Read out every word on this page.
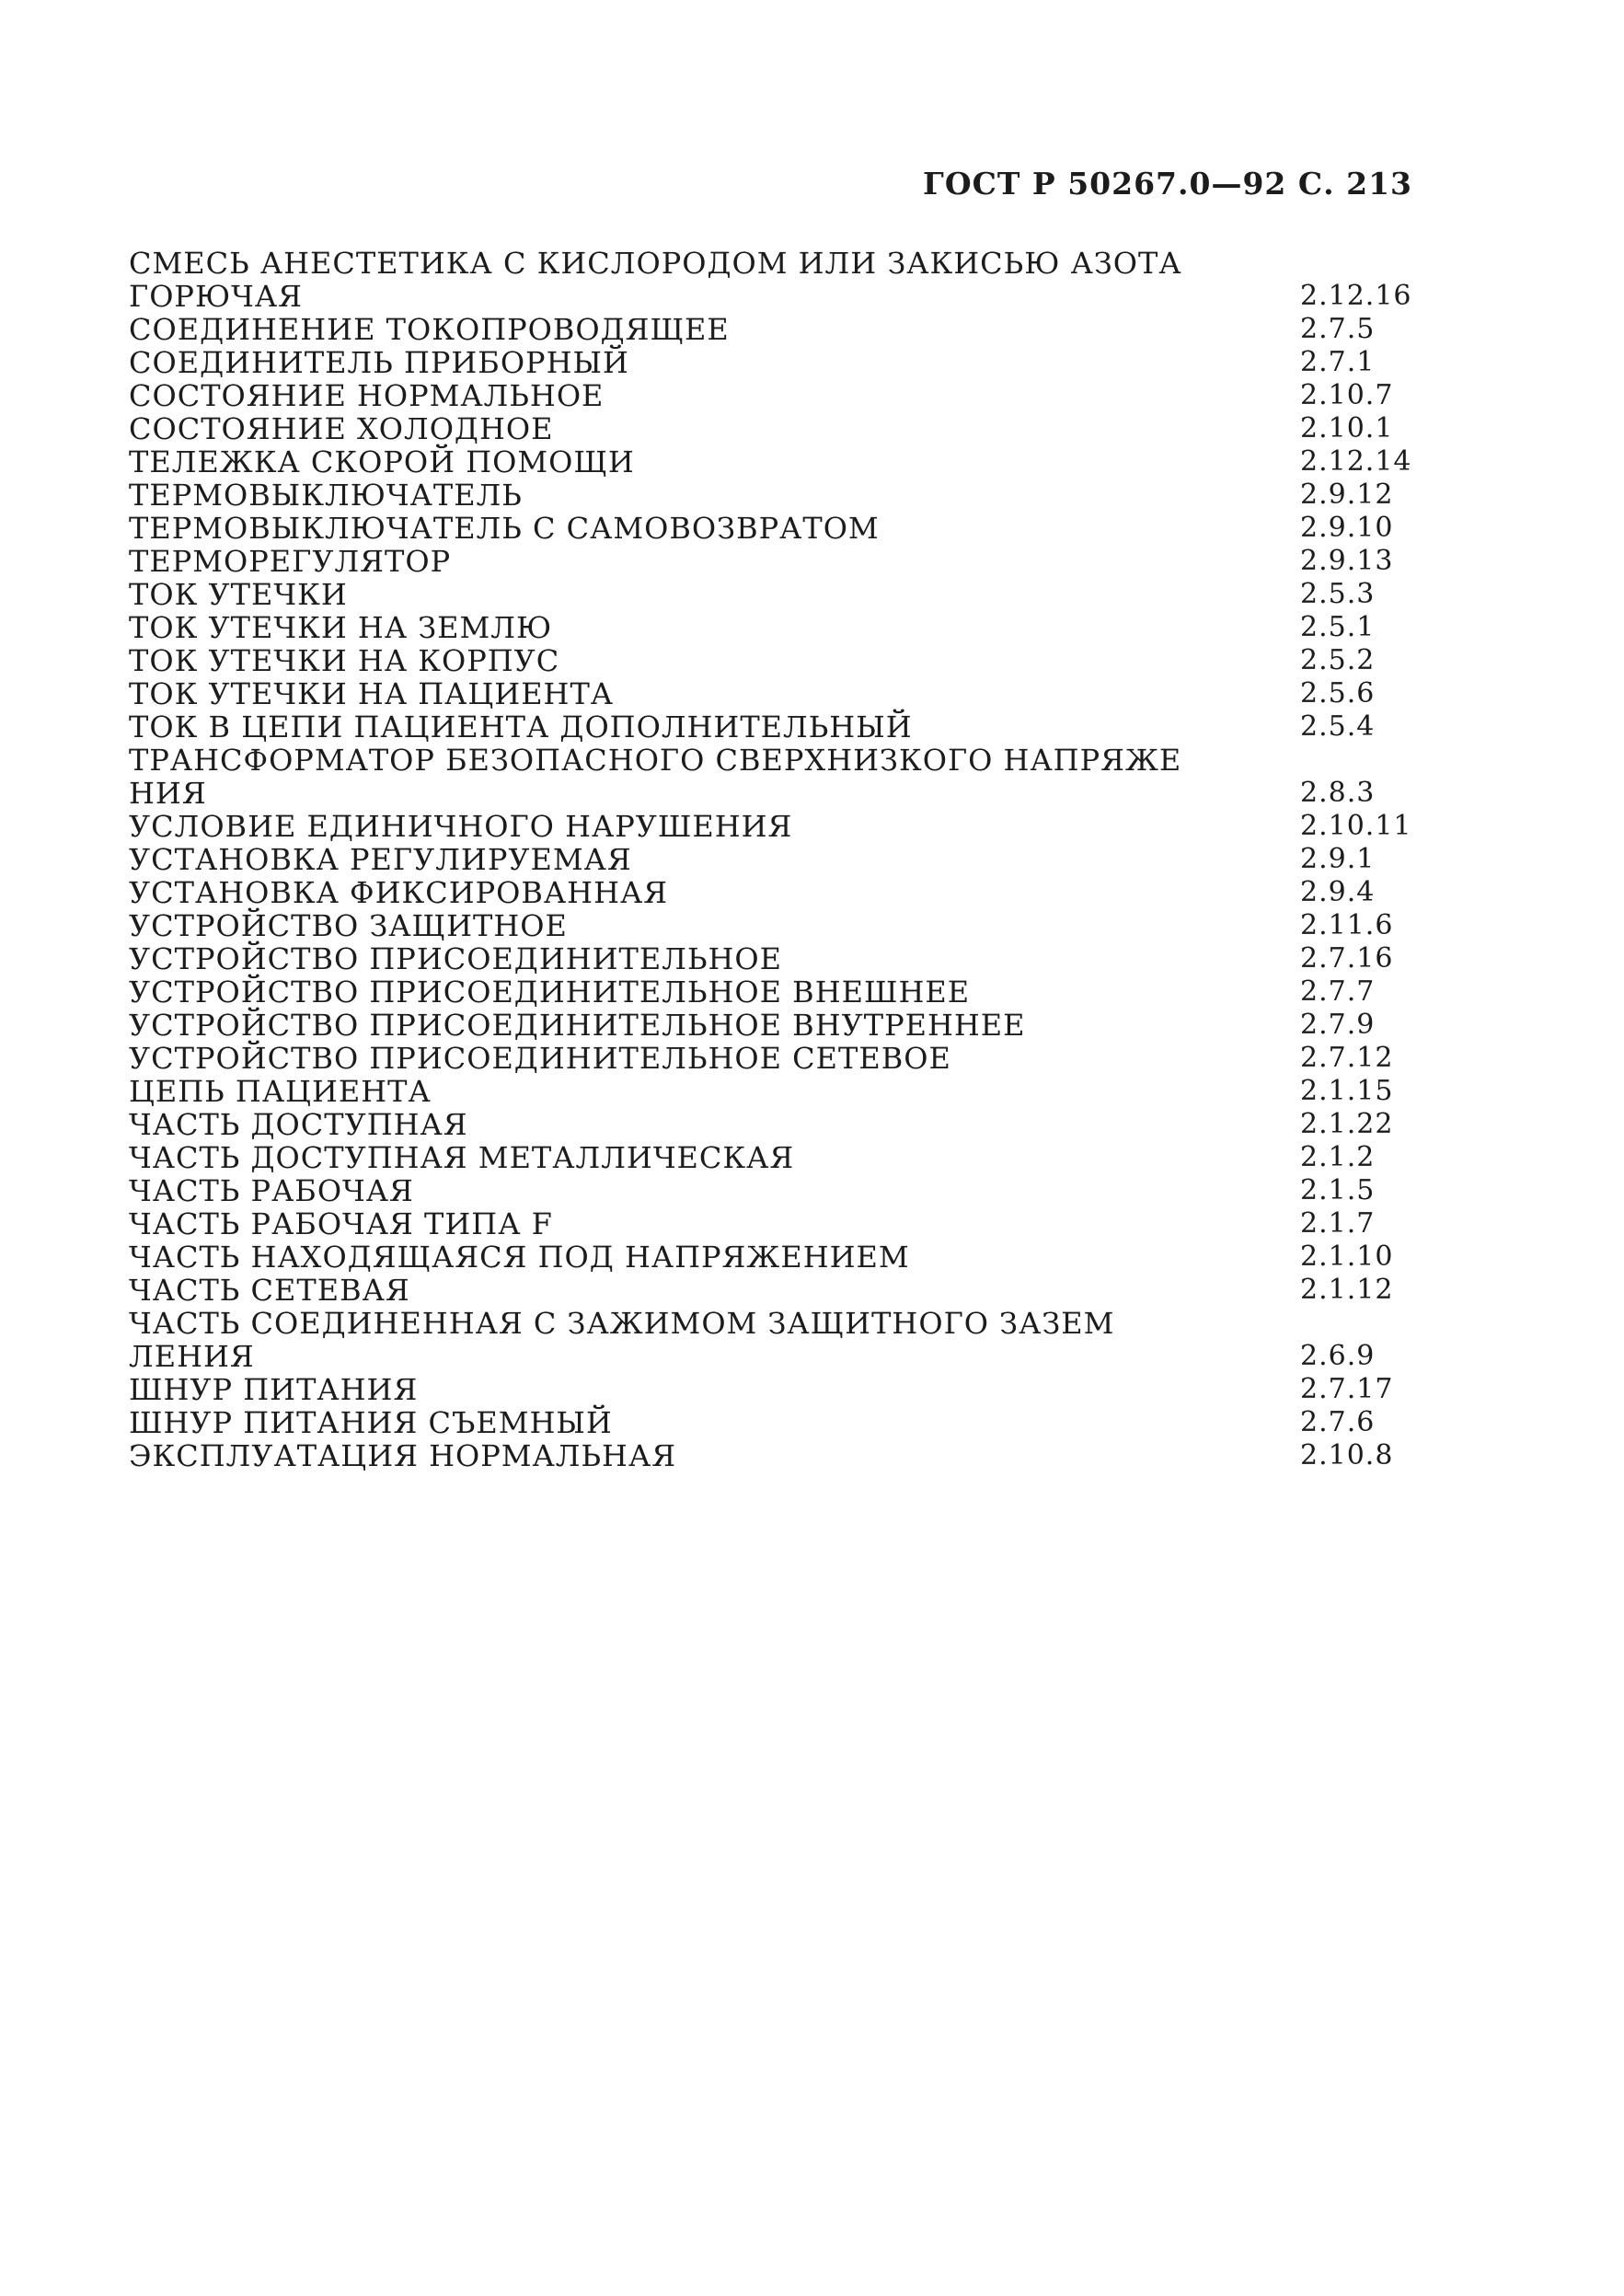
ГОСТ Р 50267.0—92 С. 213
СМЕСЬ АНЕСТЕТИКА С КИСЛОРОДОМ ИЛИ ЗАКИСЬЮ АЗОТА
ГОРЮЧАЯ	2.12.16
СОЕДИНЕНИЕ ТОКОПРОВОДЯЩЕЕ	2.7.5
СОЕДИНИТЕЛЬ ПРИБОРНЫЙ	2.7.1
СОСТОЯНИЕ НОРМАЛЬНОЕ	2.10.7
СОСТОЯНИЕ ХОЛОДНОЕ	2.10.1
ТЕЛЕЖКА СКОРОЙ ПОМОЩИ	2.12.14
ТЕРМОВЫКЛЮЧАТЕЛЬ	2.9.12
ТЕРМОВЫКЛЮЧАТЕЛЬ С САМОВОЗВРАТОМ	2.9.10
ТЕРМОРЕГУЛЯТОР	2.9.13
ТОК УТЕЧКИ	2.5.3
ТОК УТЕЧКИ НА ЗЕМЛЮ	2.5.1
ТОК УТЕЧКИ НА КОРПУС	2.5.2
ТОК УТЕЧКИ НА ПАЦИЕНТА	2.5.6
ТОК В ЦЕПИ ПАЦИЕНТА ДОПОЛНИТЕЛЬНЫЙ	2.5.4
ТРАНСФОРМАТОР БЕЗОПАСНОГО СВЕРХНИЗКОГО НАПРЯЖЕ
НИЯ	2.8.3
УСЛОВИЕ ЕДИНИЧНОГО НАРУШЕНИЯ	2.10.11
УСТАНОВКА РЕГУЛИРУЕМАЯ	2.9.1
УСТАНОВКА ФИКСИРОВАННАЯ	2.9.4
УСТРОЙСТВО ЗАЩИТНОЕ	2.11.6
УСТРОЙСТВО ПРИСОЕДИНИТЕЛЬНОЕ	2.7.16
УСТРОЙСТВО ПРИСОЕДИНИТЕЛЬНОЕ ВНЕШНЕЕ	2.7.7
УСТРОЙСТВО ПРИСОЕДИНИТЕЛЬНОЕ ВНУТРЕННЕЕ	2.7.9
УСТРОЙСТВО ПРИСОЕДИНИТЕЛЬНОЕ СЕТЕВОЕ	2.7.12
ЦЕПЬ ПАЦИЕНТА	2.1.15
ЧАСТЬ ДОСТУПНАЯ	2.1.22
ЧАСТЬ ДОСТУПНАЯ МЕТАЛЛИЧЕСКАЯ	2.1.2
ЧАСТЬ РАБОЧАЯ	2.1.5
ЧАСТЬ РАБОЧАЯ ТИПА F	2.1.7
ЧАСТЬ НАХОДЯЩАЯСЯ ПОД НАПРЯЖЕНИЕМ	2.1.10
ЧАСТЬ СЕТЕВАЯ	2.1.12
ЧАСТЬ СОЕДИНЕННАЯ С ЗАЖИМОМ ЗАЩИТНОГО ЗАЗЕМ
ЛЕНИЯ	2.6.9
ШНУР ПИТАНИЯ	2.7.17
ШНУР ПИТАНИЯ СЪЕМНЫЙ	2.7.6
ЭКСПЛУАТАЦИЯ НОРМАЛЬНАЯ	2.10.8
